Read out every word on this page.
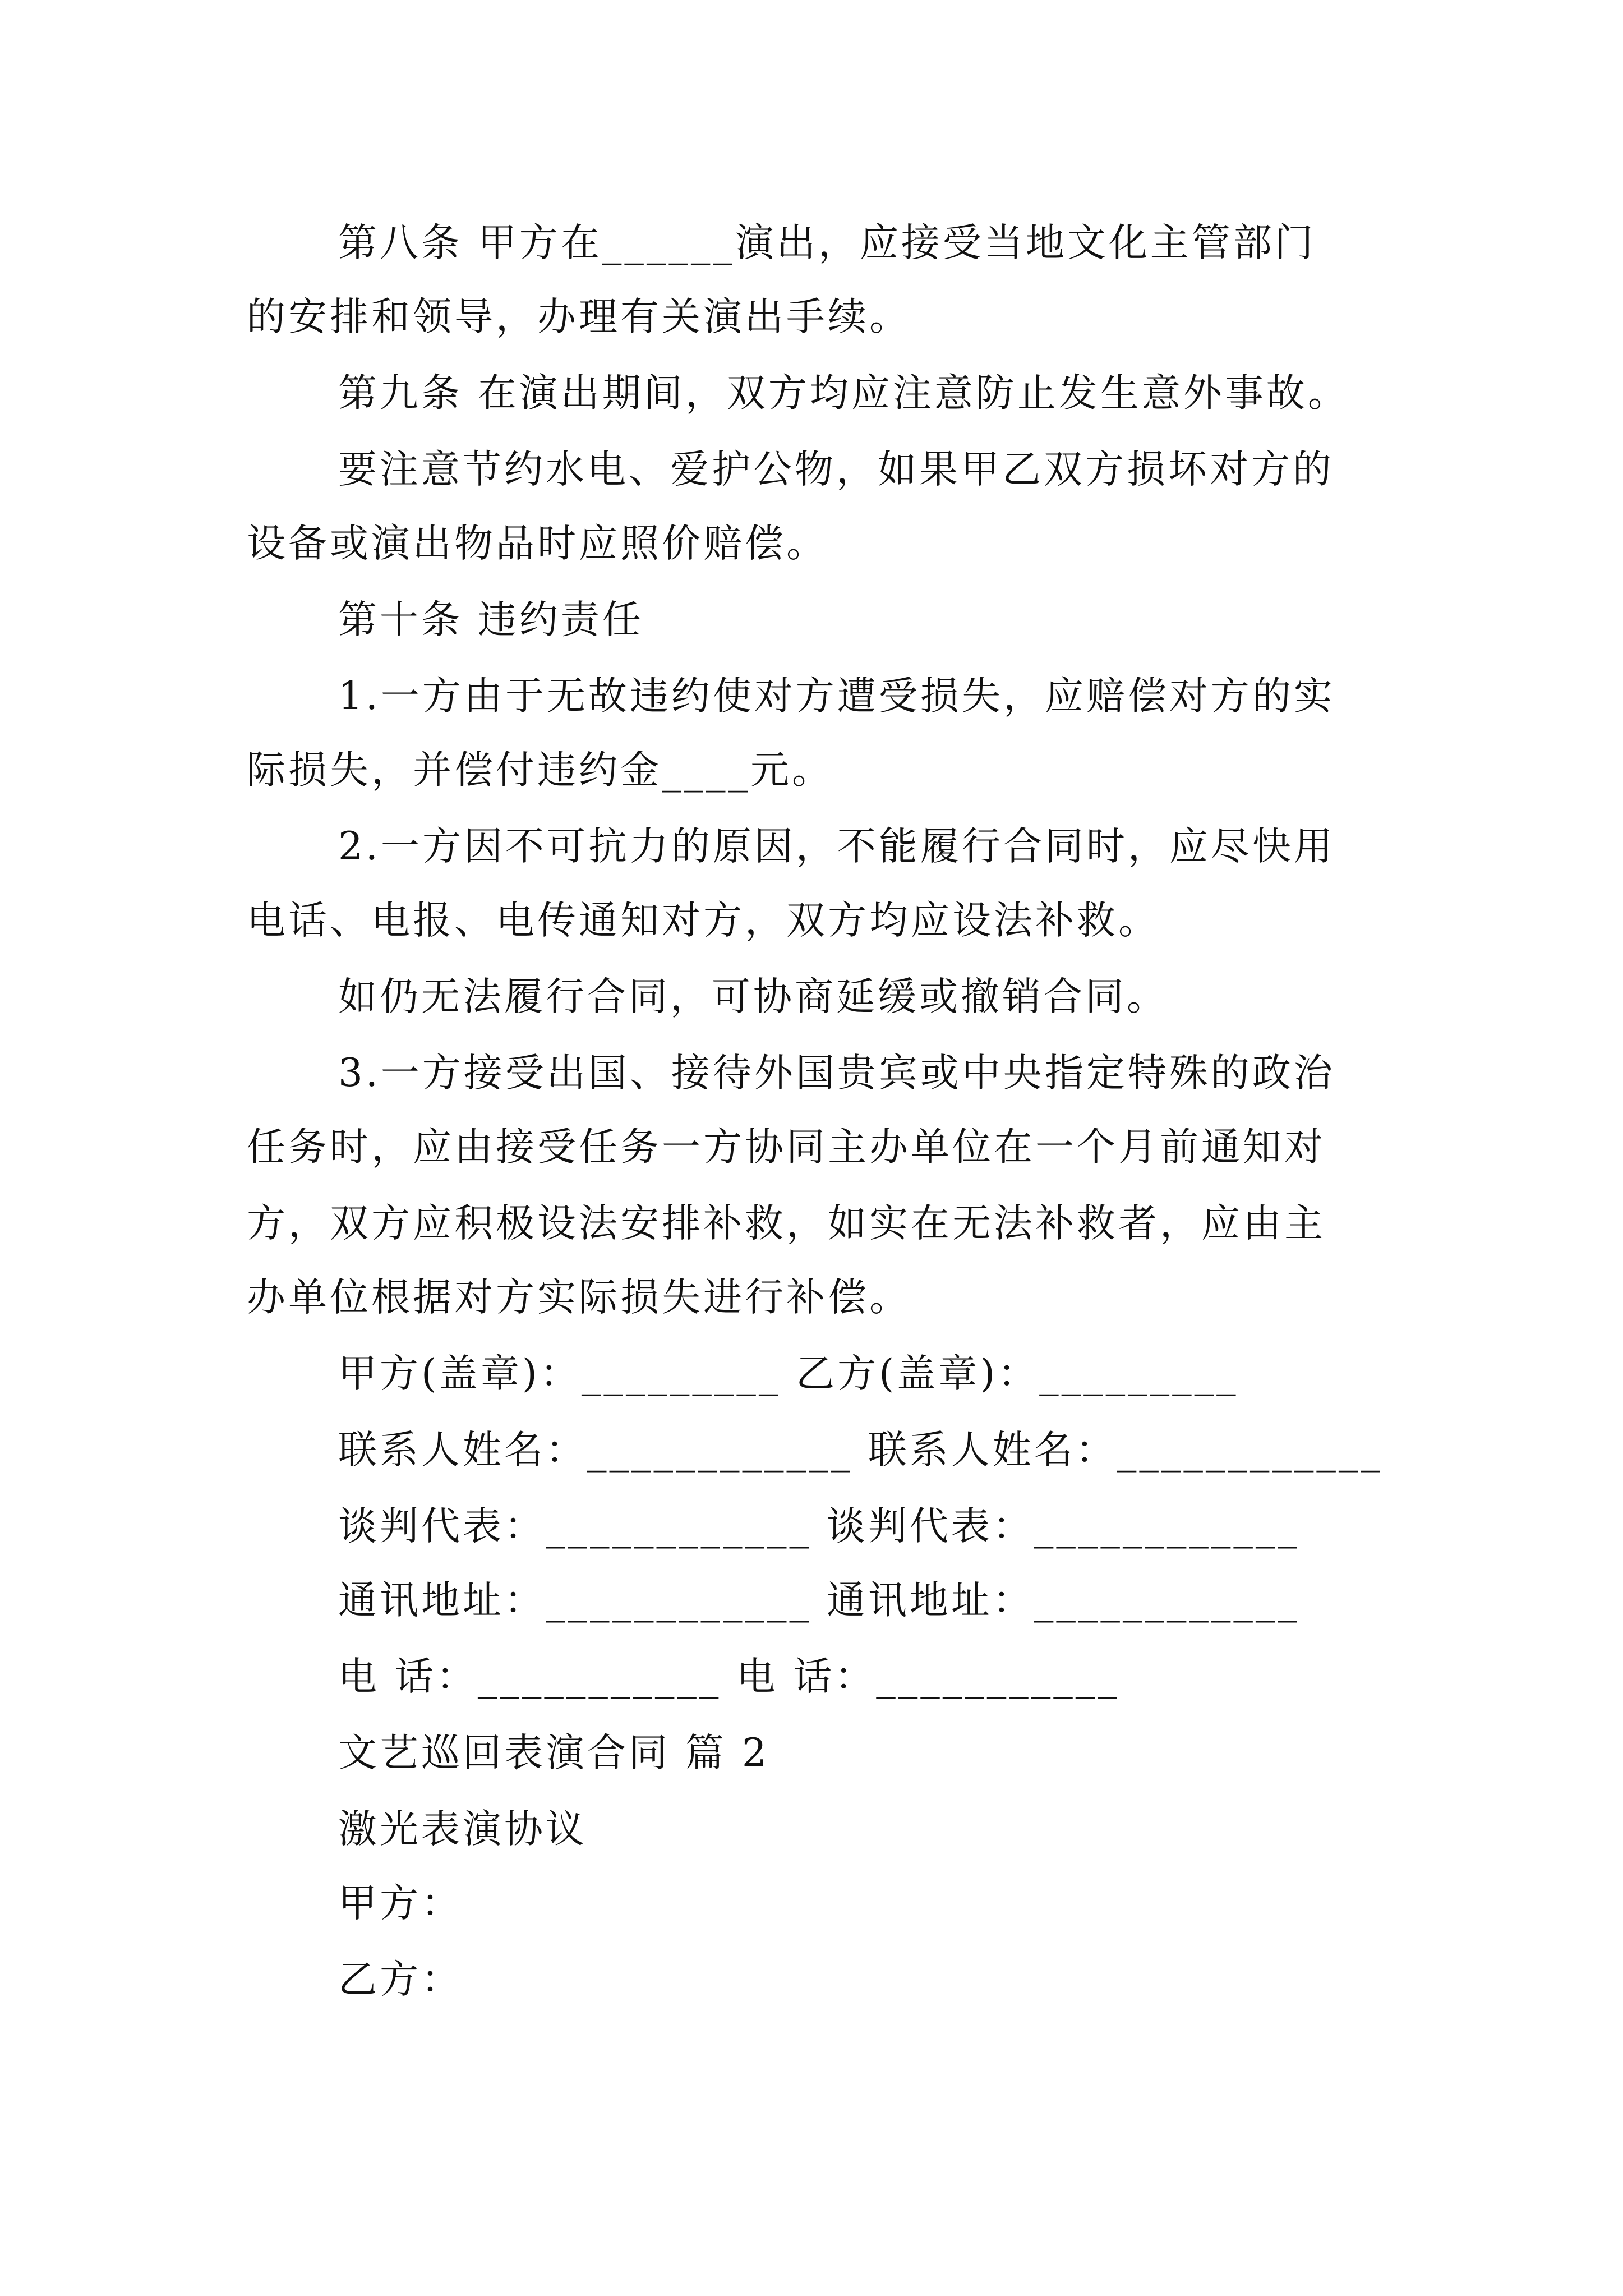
第八条 甲方在______演出，应接受当地文化主管部门
的安排和领导，办理有关演出手续。
第九条 在演出期间，双方均应注意防止发生意外事故。
要注意节约水电、爱护公物，如果甲乙双方损坏对方的
设备或演出物品时应照价赔偿。
第十条 违约责任
1.一方由于无故违约使对方遭受损失，应赔偿对方的实
际损失，并偿付违约金____元。
2.一方因不可抗力的原因，不能履行合同时，应尽快用
电话、电报、电传通知对方，双方均应设法补救。
如仍无法履行合同，可协商延缓或撤销合同。
3.一方接受出国、接待外国贵宾或中央指定特殊的政治
任务时，应由接受任务一方协同主办单位在一个月前通知对
方，双方应积极设法安排补救，如实在无法补救者，应由主
办单位根据对方实际损失进行补偿。
甲方(盖章)：_________ 乙方(盖章)：_________
联系人姓名：____________ 联系人姓名：____________
谈判代表：____________ 谈判代表：____________
通讯地址：____________ 通讯地址：____________
电 话：___________ 电 话：___________
文艺巡回表演合同 篇 2
激光表演协议
甲方：
乙方：
